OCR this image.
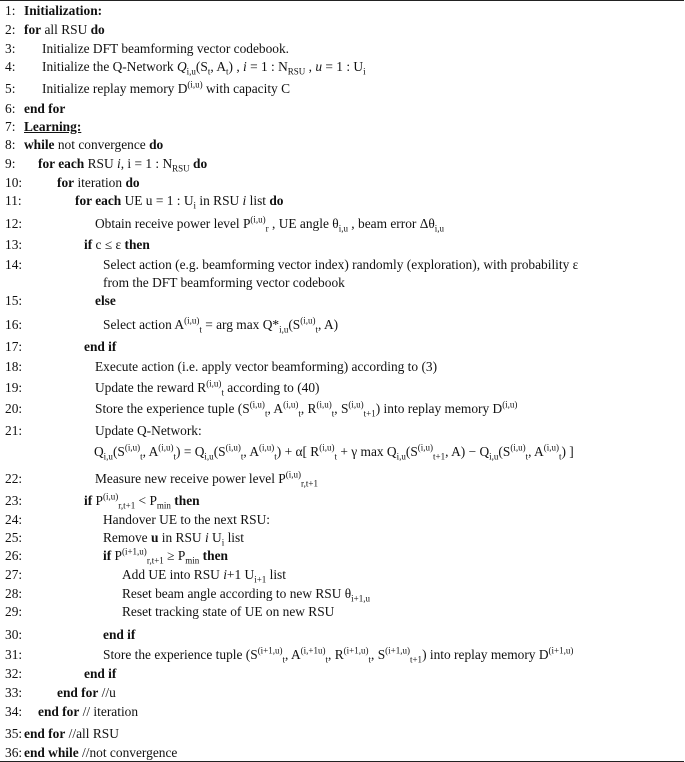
1: Initialization:
2: for all RSU do
3: Initialize DFT beamforming vector codebook.
4: Initialize the Q-Network $Q_{i,u}(S_t$, $A_t$) , i = 1 : $N_{RSU}$ , u = 1 : $U_i$
5: Initialize replay memory D$^{(i,u)}$ with capacity C
6: end for
7: Learning:
8: while not convergence do
9: for each RSU i, i = 1 : $N_{RSU}$ do
10:	for iteration do
11:	for each UE u = 1 : $U_i$ in RSU i list do
12:	Obtain receive power level P$^{(i,u)}_r$ , UE angle $\theta_{i,u}$ , beam error $\Delta\theta_{i,u}$
13:	if c ≤ ε then
14:	Select action (e.g. beamforming vector index) randomly (exploration), with probability ε
from the DFT beamforming vector codebook
15:	else
16:	Select action A$^{(i,u)}_t$ = arg $\max Q*_{i,u}(S^{(i,u)}_t$, A)
17:	end if
18:	Execute action (i.e. apply vector beamforming) according to (3)
19:	Update the reward R$^{(i,u)}_t$ according to (40)
20:	Store the experience tuple ($S^{(i,u)}_t$, A$^{(i,u)}_t$, R$^{(i,u)}_t$, S$^{(i,u)}_{t+1}$) into replay memory D$^{(i,u)}$
21:	Update Q-Network:
$Q_{i,u}(S^{(i,u)}_t$, $A^{(i,u)}_t) = Q_{i,u}(S^{(i,u)}_t$, A$^{(i,u)}_t$) + α[ R$^{(i,u)}_t$ + γ $\max Q_{i,u}(S^{(i,u)}_{t+1}$, $A) - Q_{i,u}(S^{(i,u)}_t$, A$^{(i,u)}_t$) ]
22:	Measure new receive power level P$^{(i,u)}_{r,t+1}$
23:	if $P^{(i,u)}_{r,t+1} < P_{min}$ then
24:	Handover UE to the next RSU:
25:	Remove u in RSU i $U_i$ list
26:	if $P^{(i+1,u)}_{r,t+1} \ge P_{min}$ then
27:	Add UE into RSU i+1 $U_{i+1}$ list
28:	Reset beam angle according to new RSU $\theta_{i+1,u}$
29:	Reset tracking state of UE on new RSU
30:	end if
31:	Store the experience tuple ($S^{(i+1,u)}_t$, $A^{(i,+1u)}_t$, $R^{(i+1,u)}_t$, $S^{(i+1,u)}_{t+1}$) into replay memory $D^{(i+1,u)}$
32:	end if
33:	end for //u
34: end for // iteration
35: end for //all RSU
36: end while //not convergence
